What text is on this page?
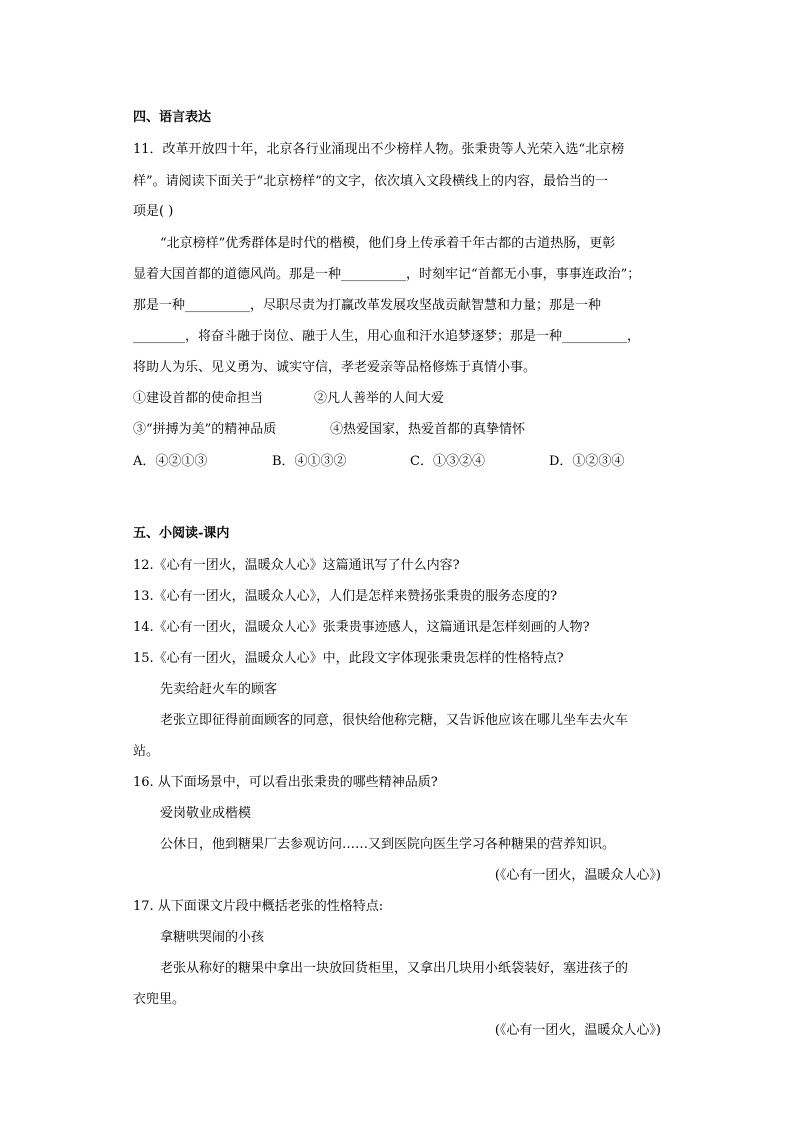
四、语言表达
11．改革开放四十年，北京各行业涌现出不少榜样人物。张秉贵等人光荣入选“北京榜
样”。请阅读下面关于“北京榜样”的文字，依次填入文段横线上的内容，最恰当的一
项是( )
“北京榜样”优秀群体是时代的楷模，他们身上传承着千年古都的古道热肠，更彰
显着大国首都的道德风尚。那是一种__________，时刻牢记“首都无小事，事事连政治”；
那是一种__________，尽职尽责为打赢改革发展攻坚战贡献智慧和力量；那是一种
________，将奋斗融于岗位、融于人生，用心血和汗水追梦逐梦；那是一种__________，
将助人为乐、见义勇为、诚实守信，孝老爱亲等品格修炼于真情小事。
①建设首都的使命担当	②凡人善举的人间大爱
③“拼搏为美”的精神品质	④热爱国家，热爱首都的真挚情怀
A．④②①③	B．④①③②	C．①③②④	D．①②③④
五、小阅读-课内
12.《心有一团火，温暖众人心》这篇通讯写了什么内容?
13.《心有一团火，温暖众人心》，人们是怎样来赞扬张秉贵的服务态度的?
14.《心有一团火，温暖众人心》张秉贵事迹感人，这篇通讯是怎样刻画的人物?
15.《心有一团火，温暖众人心》中，此段文字体现张秉贵怎样的性格特点?
先卖给赶火车的顾客
老张立即征得前面顾客的同意，很快给他称完糖，又告诉他应该在哪儿坐车去火车
站。
16. 从下面场景中，可以看出张秉贵的哪些精神品质?
爱岗敬业成楷模
公休日，他到糖果厂去参观访问……又到医院向医生学习各种糖果的营养知识。
(《心有一团火，温暖众人心》)
17. 从下面课文片段中概括老张的性格特点:
拿糖哄哭闹的小孩
老张从称好的糖果中拿出一块放回货柜里，又拿出几块用小纸袋装好，塞进孩子的
衣兜里。
(《心有一团火，温暖众人心》)
